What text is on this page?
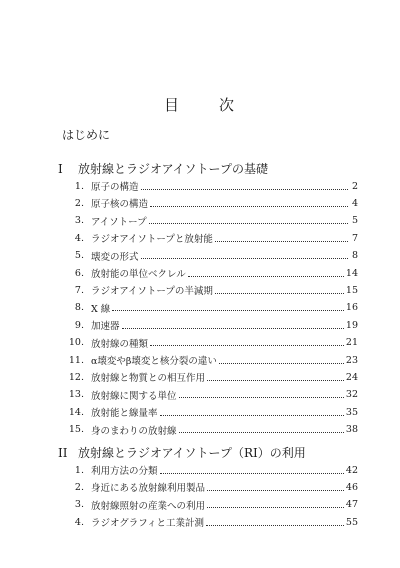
目	次
はじめに
I 放射線とラジオアイソトープの基礎
1. 原子の構造	2
2. 原子核の構造	4
3. アイソトープ	5
4. ラジオアイソトープと放射能	7
5. 壊変の形式	8
6. 放射能の単位ベクレル	14
7. ラジオアイソトープの半減期	15
8. X 線	16
9. 加速器	19
10. 放射線の種類	21
11. α壊変やβ壊変と核分裂の違い	23
12. 放射線と物質との相互作用	24
13. 放射線に関する単位	32
14. 放射能と線量率	35
15. 身のまわりの放射線	38
II 放射線とラジオアイソトープ（RI）の利用
1. 利用方法の分類	42
2. 身近にある放射線利用製品	46
3. 放射線照射の産業への利用	47
4. ラジオグラフィと工業計測	55
